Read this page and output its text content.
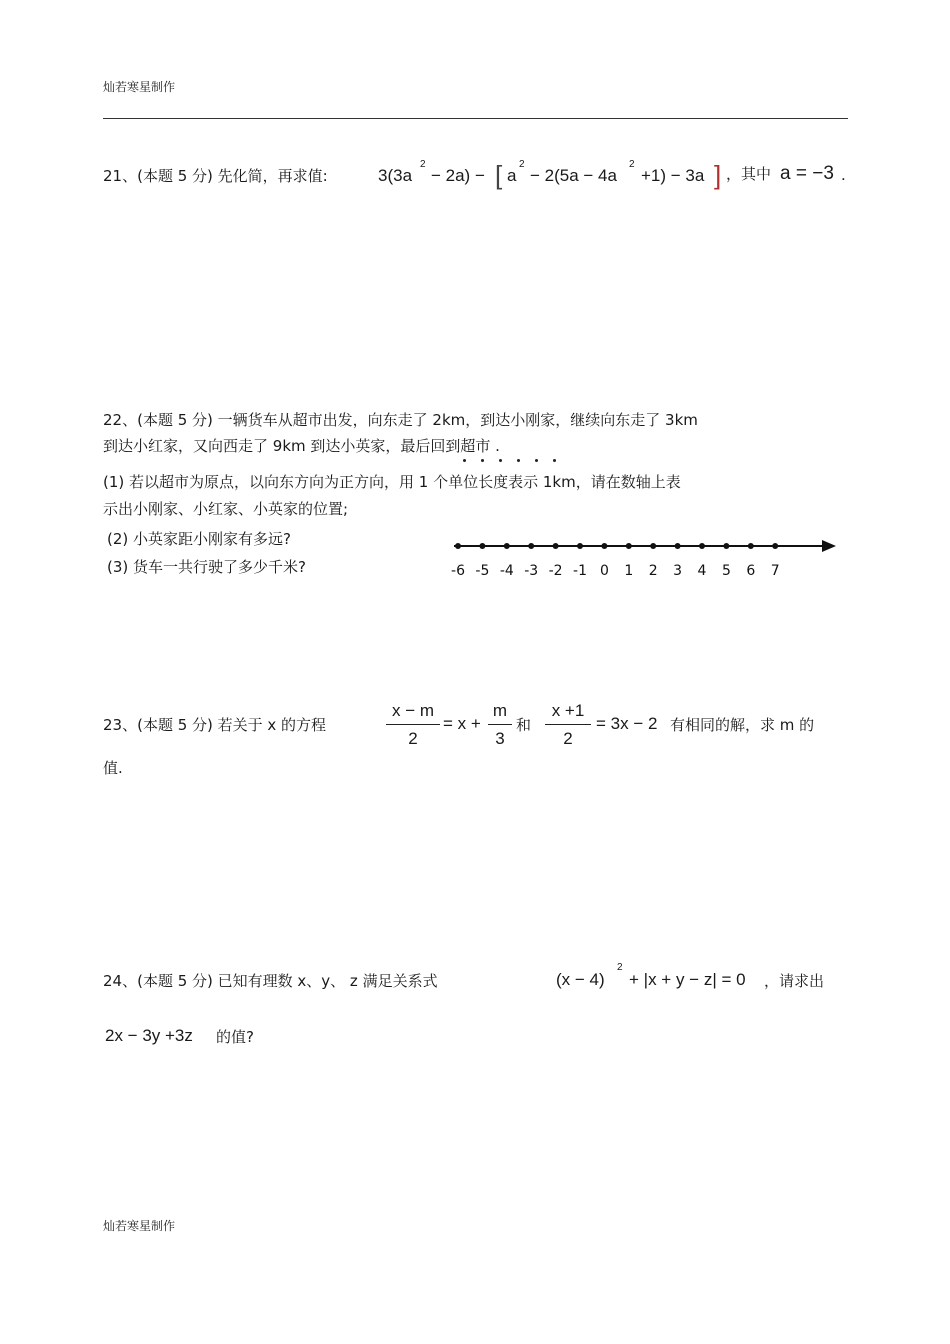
灿若寒星制作
21、(本题 5 分) 先化简，再求值:	3(3a
2
− 2a) − [ a
2
− 2(5a − 4a
2
+1) − 3a ] ，其中 a = −3 .
22、(本题 5 分) 一辆货车从超市出发，向东走了 2km，到达小刚家，继续向东走了 3km
到达小红家，又向西走了 9km 到达小英家，最后回到超市 .
(1) 若以超市为原点，以向东方向为正方向，用 1 个单位长度表示 1km，请在数轴上表
示出小刚家、小红家、小英家的位置;
(2) 小英家距小刚家有多远?
(3) 货车一共行驶了多少千米?	-6 -5 -4 -3 -2 -1 0 1 2 3 4 5 6 7
23、(本题 5 分) 若关于 x 的方程
x − m
2
= x +
m
3
和
x +1
2
= 3x − 2 有相同的解，求 m 的
值.
24、(本题 5 分) 已知有理数 x、y、 z 满足关系式	(x − 4)
2
+ |x + y − z| = 0 ，请求出
2x − 3y +3z 的值?
灿若寒星制作
